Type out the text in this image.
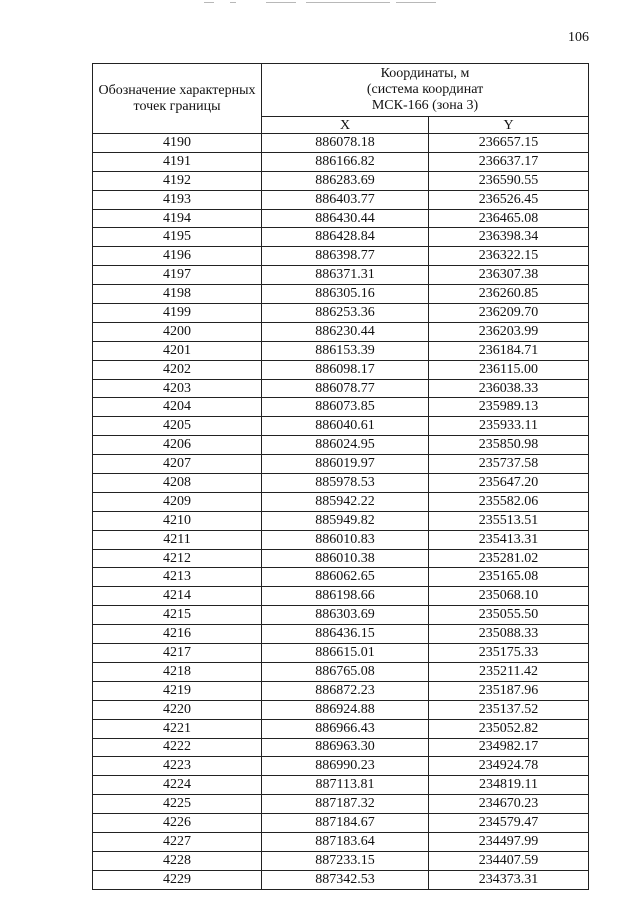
106
Обозначение характерных точек границы	Координаты, м
(система координат
МСК-166 (зона 3)	

	X	Y
4190	886078.18	236657.15
4191	886166.82	236637.17
4192	886283.69	236590.55
4193	886403.77	236526.45
4194	886430.44	236465.08
4195	886428.84	236398.34
4196	886398.77	236322.15
4197	886371.31	236307.38
4198	886305.16	236260.85
4199	886253.36	236209.70
4200	886230.44	236203.99
4201	886153.39	236184.71
4202	886098.17	236115.00
4203	886078.77	236038.33
4204	886073.85	235989.13
4205	886040.61	235933.11
4206	886024.95	235850.98
4207	886019.97	235737.58
4208	885978.53	235647.20
4209	885942.22	235582.06
4210	885949.82	235513.51
4211	886010.83	235413.31
4212	886010.38	235281.02
4213	886062.65	235165.08
4214	886198.66	235068.10
4215	886303.69	235055.50
4216	886436.15	235088.33
4217	886615.01	235175.33
4218	886765.08	235211.42
4219	886872.23	235187.96
4220	886924.88	235137.52
4221	886966.43	235052.82
4222	886963.30	234982.17
4223	886990.23	234924.78
4224	887113.81	234819.11
4225	887187.32	234670.23
4226	887184.67	234579.47
4227	887183.64	234497.99
4228	887233.15	234407.59
4229	887342.53	234373.31
